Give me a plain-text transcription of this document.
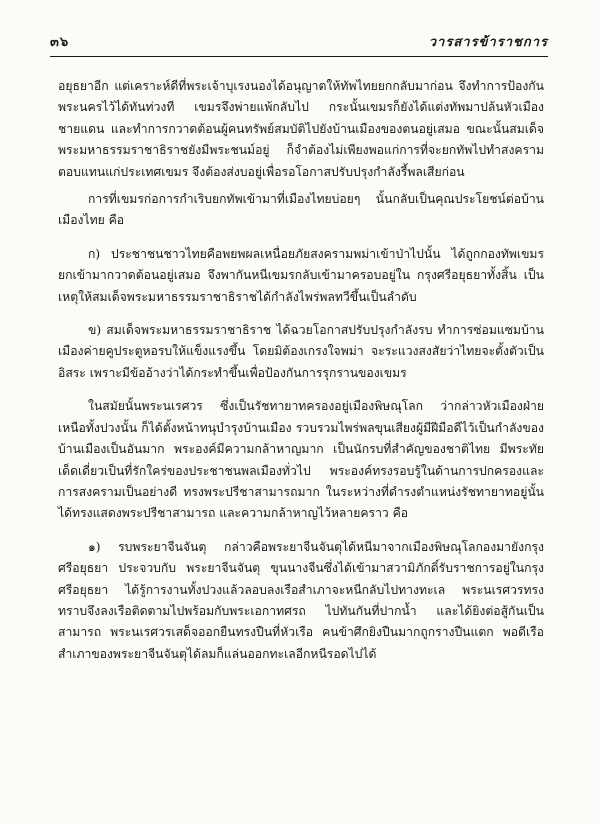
๓๖	วารสารข้าราชการ

อยุธยาอีก แต่เคราะห์ดีที่พระเจ้าบุเรงนองได้อนุญาตให้ทัพไทยยกกลับมาก่อน จึงทำการป้องกันพระนครไว้ได้ทันท่วงที เขมรจึงพ่ายแพ้กลับไป กระนั้นเขมรก็ยังได้แต่งทัพมาปล้นหัวเมืองชายแดน และทำการกวาดต้อนผู้คนทรัพย์สมบัติไปยังบ้านเมืองของตนอยู่เสมอ ขณะนั้นสมเด็จพระมหาธรรมราชาธิราชยังมีพระชนม์อยู่ ก็จำต้องไม่เพียงพอแก่การที่จะยกทัพไปทำสงครามตอบแทนแก่ประเทศเขมร จึงต้องส่งบอยู่เพื่อรอโอกาสปรับปรุงกำลังรี้พลเสียก่อน

การที่เขมรก่อการกำเริบยกทัพเข้ามาที่เมืองไทยบ่อยๆ นั้นกลับเป็นคุณประโยชน์ต่อบ้านเมืองไทย คือ

ก) ประชาชนชาวไทยคือพยพผลเหนื่อยภัยสงครามพม่าเข้าป่าไปนั้น ได้ถูกกองทัพเขมรยกเข้ามากวาดต้อนอยู่เสมอ จึงพากันหนีเขมรกลับเข้ามาครอบอยู่ใน กรุงศรีอยุธยาทั้งสิ้น เป็นเหตุให้สมเด็จพระมหาธรรมราชาธิราชได้กำลังไพร่พลทวีขึ้นเป็นลำดับ

ข) สมเด็จพระมหาธรรมราชาธิราช ได้ฉวยโอกาสปรับปรุงกำลังรบ ทำการซ่อมแซมบ้านเมืองค่ายคูประตูหอรบให้แข็งแรงขึ้น โดยมิต้องเกรงใจพม่า จะระแวงสงสัยว่าไทยจะตั้งตัวเป็นอิสระ เพราะมีข้ออ้างว่าได้กระทำขึ้นเพื่อป้องกันการรุกรานของเขมร

ในสมัยนั้นพระนเรศวร ซึ่งเป็นรัชทายาทครองอยู่เมืองพิษณุโลก ว่ากล่าวหัวเมืองฝ่ายเหนือทั้งปวงนั้น ก็ได้ตั้งหน้าทนุบำรุงบ้านเมือง รวบรวมไพร่พลขุนเสียงผู้มีฝีมือดีไว้เป็นกำลังของบ้านเมืองเป็นอันมาก พระองค์มีความกล้าหาญมาก เป็นนักรบที่สำคัญของชาติไทย มีพระทัยเด็ดเดี่ยวเป็นที่รักใคร่ของประชาชนพลเมืองทั่วไป พระองค์ทรงรอบรู้ในด้านการปกครองและการสงครามเป็นอย่างดี ทรงพระปรีชาสามารถมาก ในระหว่างที่ดำรงตำแหน่งรัชทายาทอยู่นั้นได้ทรงแสดงพระปรีชาสามารถ และความกล้าหาญไว้หลายคราว คือ

๑) รบพระยาจีนจันตุ กล่าวคือพระยาจีนจันตุได้หนีมาจากเมืองพิษณุโลกองมายังกรุงศรีอยุธยา ประจวบกับ พระยาจีนจันตุ ขุนนางจีนซึ่งได้เข้ามาสวามิภักดิ์รับราชการอยู่ในกรุงศรีอยุธยา ได้รู้การงานทั้งปวงแล้วลอบลงเรือสำเภาจะหนีกลับไปทางทะเล พระนเรศวรทรงทราบจึงลงเรือติดตามไปพร้อมกับพระเอกาทศรถ ไปทันกันที่ปากน้ำ และได้ยิงต่อสู้กันเป็นสามารถ พระนเรศวรเสด็จออกยืนทรงปืนที่หัวเรือ คนข้าศึกยิงปืนมากถูกรางปืนแตก พอดีเรือสำเภาของพระยาจีนจันตุได้ลมก็แล่นออกทะเลอีกหนีรอดไปได้
